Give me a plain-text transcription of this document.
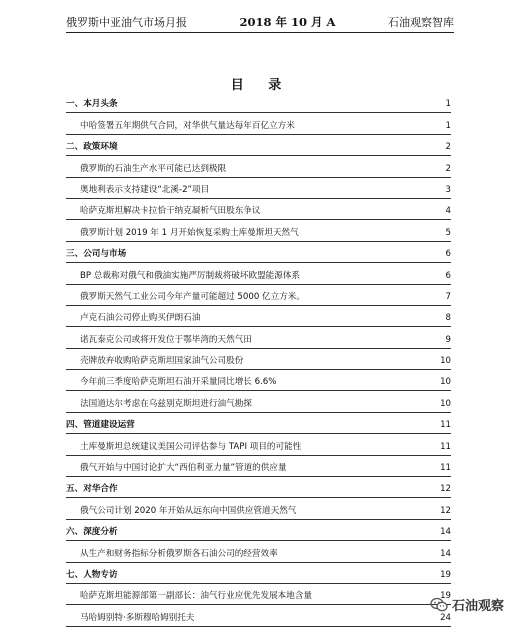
俄罗斯中亚油气市场月报	2018 年 10 月 A	石油观察智库
目 录
一、本月头条	1
中哈签署五年期供气合同，对华供气量达每年百亿立方米	1
二、政策环境	2
俄罗斯的石油生产水平可能已达到极限	2
奥地利表示支持建设“北溪-2”项目	3
哈萨克斯坦解决卡拉恰干纳克凝析气田股东争议	4
俄罗斯计划 2019 年 1 月开始恢复采购土库曼斯坦天然气	5
三、公司与市场	6
BP 总裁称对俄气和俄油实施严厉制裁将破坏欧盟能源体系	6
俄罗斯天然气工业公司今年产量可能超过 5000 亿立方米。	7
卢克石油公司停止购买伊朗石油	8
诺瓦泰克公司或将开发位于鄂毕湾的天然气田	9
壳牌放弃收购哈萨克斯坦国家油气公司股份	10
今年前三季度哈萨克斯坦石油开采量同比增长 6.6%	10
法国道达尔考虑在乌兹别克斯坦进行油气勘探	10
四、管道建设运营	11
土库曼斯坦总统建议美国公司评估参与 TAPI 项目的可能性	11
俄气开始与中国讨论扩大“西伯利亚力量”管道的供应量	11
五、对华合作	12
俄气公司计划 2020 年开始从远东向中国供应管道天然气	12
六、深度分析	14
从生产和财务指标分析俄罗斯各石油公司的经营效率	14
七、人物专访	19
哈萨克斯坦能源部第一副部长：油气行业应优先发展本地含量	19
马哈姆别特·多斯穆哈姆别托夫	24
石油观察
